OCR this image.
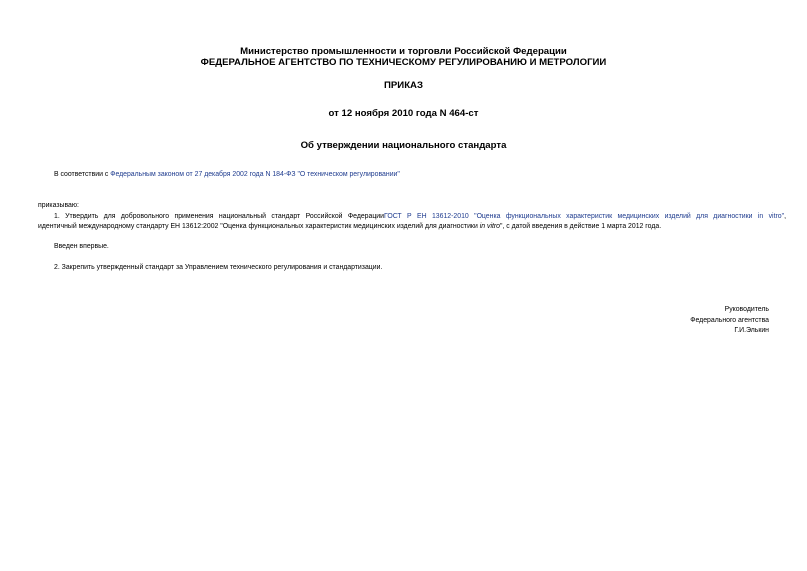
Министерство промышленности и торговли Российской Федерации
ФЕДЕРАЛЬНОЕ АГЕНТСТВО ПО ТЕХНИЧЕСКОМУ РЕГУЛИРОВАНИЮ И МЕТРОЛОГИИ
ПРИКАЗ
от 12 ноября 2010 года N 464-ст
Об утверждении национального стандарта
В соответствии с Федеральным законом от 27 декабря 2002 года N 184-ФЗ "О техническом регулировании"
приказываю:
1. Утвердить для добровольного применения национальный стандарт Российской ФедерацииГОСТ Р ЕН 13612-2010 "Оценка функциональных характеристик медицинских изделий для диагностики in vitro",
идентичный международному стандарту ЕН 13612:2002 "Оценка функциональных характеристик медицинских изделий для диагностики in vitro", с датой введения в действие 1 марта 2012 года.
Введен впервые.
2. Закрепить утвержденный стандарт за Управлением технического регулирования и стандартизации.
Руководитель
Федерального агентства
Г.И.Элькин
